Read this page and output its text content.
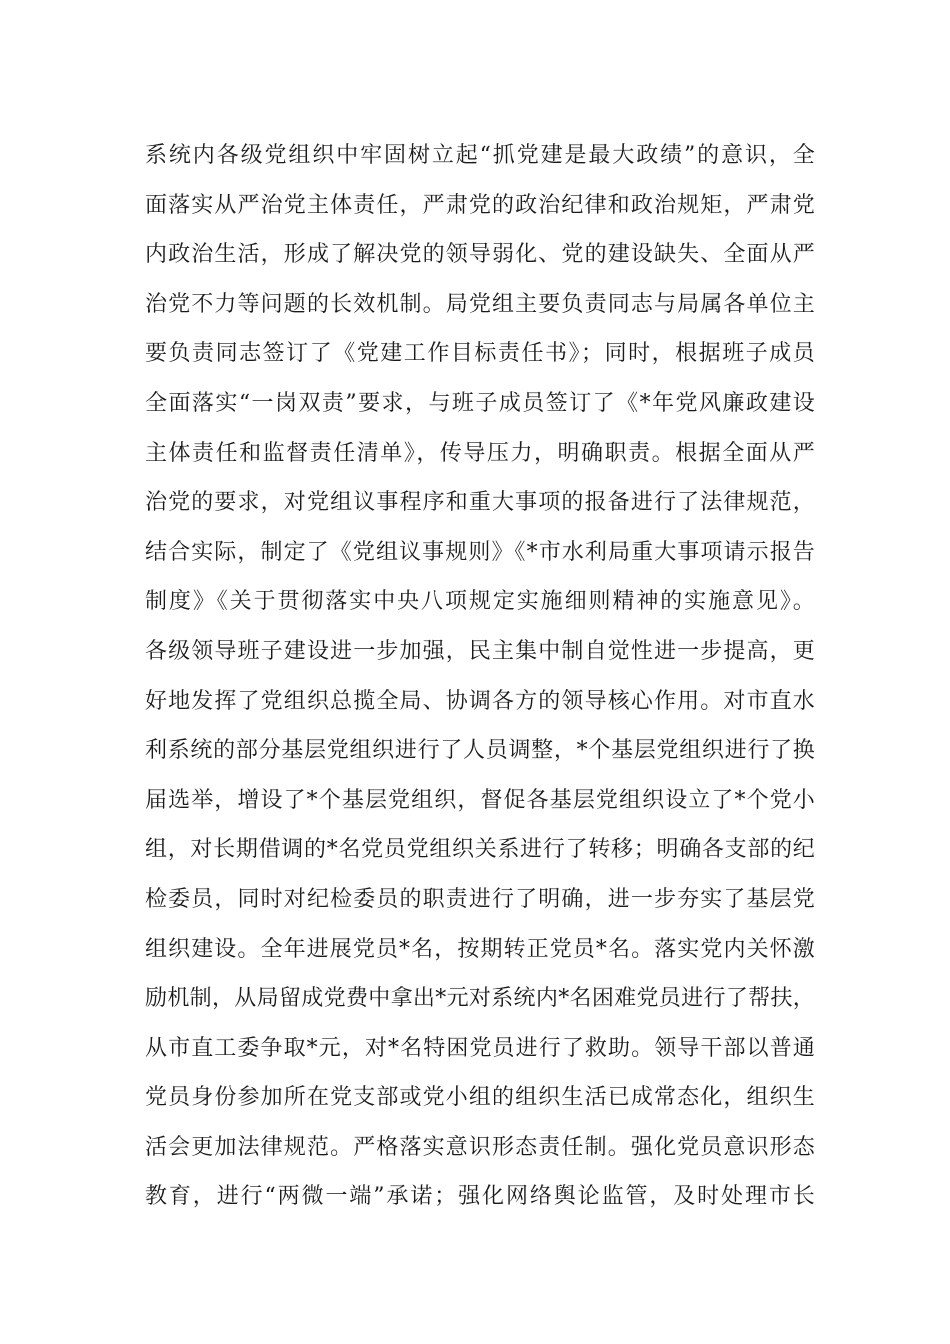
系统内各级党组织中牢固树立起“抓党建是最大政绩”的意识，全
面落实从严治党主体责任，严肃党的政治纪律和政治规矩，严肃党
内政治生活，形成了解决党的领导弱化、党的建设缺失、全面从严
治党不力等问题的长效机制。局党组主要负责同志与局属各单位主
要负责同志签订了《党建工作目标责任书》；同时，根据班子成员
全面落实“一岗双责”要求，与班子成员签订了《*年党风廉政建设
主体责任和监督责任清单》，传导压力，明确职责。根据全面从严
治党的要求，对党组议事程序和重大事项的报备进行了法律规范，
结合实际，制定了《党组议事规则》《*市水利局重大事项请示报告
制度》《关于贯彻落实中央八项规定实施细则精神的实施意见》。
各级领导班子建设进一步加强，民主集中制自觉性进一步提高，更
好地发挥了党组织总揽全局、协调各方的领导核心作用。对市直水
利系统的部分基层党组织进行了人员调整，*个基层党组织进行了换
届选举，增设了*个基层党组织，督促各基层党组织设立了*个党小
组，对长期借调的*名党员党组织关系进行了转移；明确各支部的纪
检委员，同时对纪检委员的职责进行了明确，进一步夯实了基层党
组织建设。全年进展党员*名，按期转正党员*名。落实党内关怀激
励机制，从局留成党费中拿出*元对系统内*名困难党员进行了帮扶，
从市直工委争取*元，对*名特困党员进行了救助。领导干部以普通
党员身份参加所在党支部或党小组的组织生活已成常态化，组织生
活会更加法律规范。严格落实意识形态责任制。强化党员意识形态
教育，进行“两微一端”承诺；强化网络舆论监管，及时处理市长
